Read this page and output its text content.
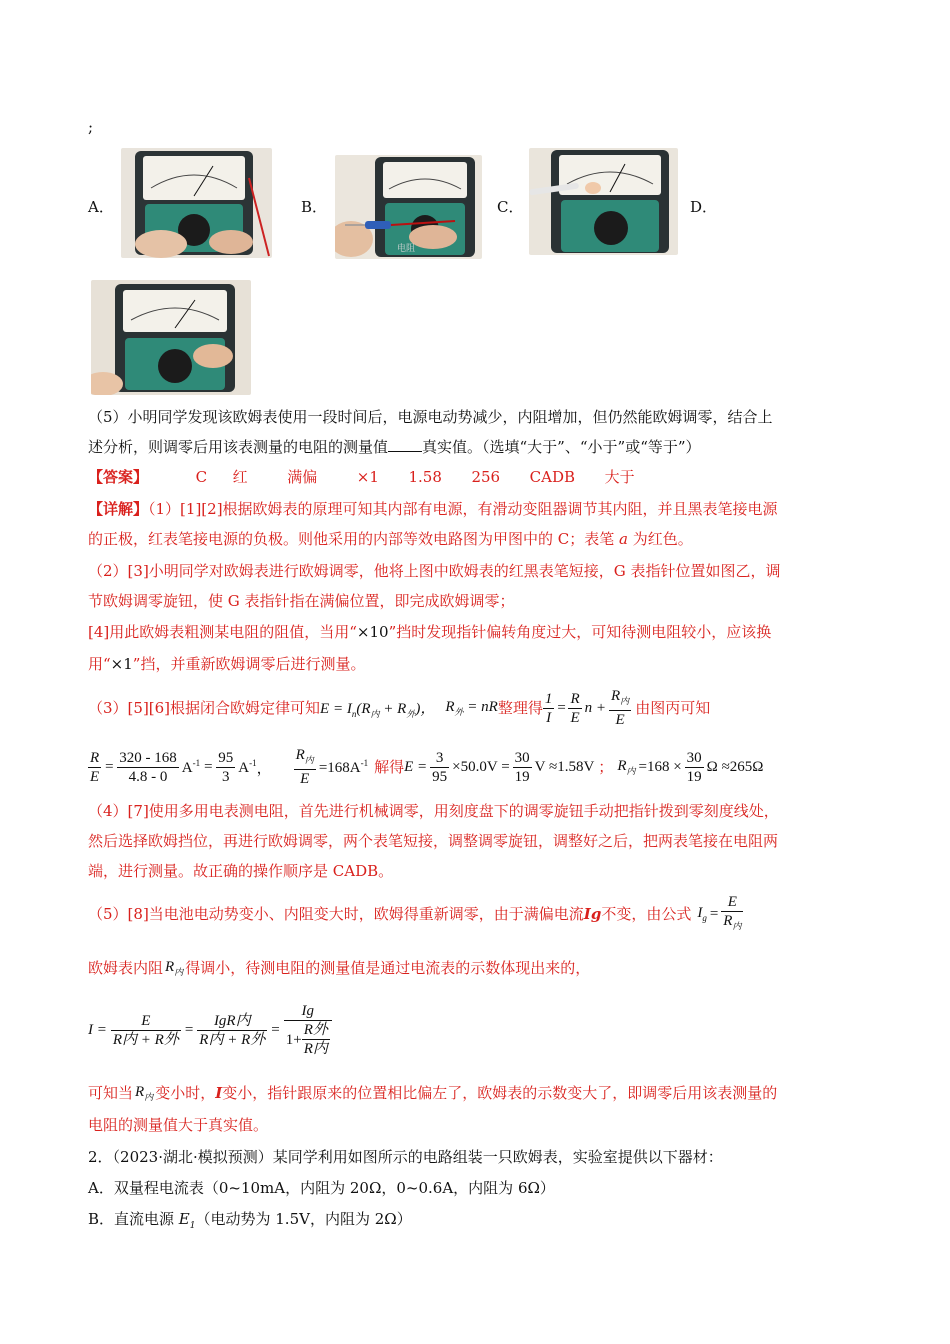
;
A．	B．
电阻
C．	D．
（5）小明同学发现该欧姆表使用一段时间后，电源电动势减少，内阻增加，但仍然能欧姆调零，结合上
述分析，则调零后用该表测量的电阻的测量值 真实值。（选填“大于”、“小于”或“等于”）
【答案】	C 红	满偏	×1 1.58 256 CADB 大于
【详解】（1）[1][2]根据欧姆表的原理可知其内部有电源，有滑动变阻器调节其内阻，并且黑表笔接电源
的正极，红表笔接电源的负极。则他采用的内部等效电路图为甲图中的 C；表笔 a 为红色。
（2）[3]小明同学对欧姆表进行欧姆调零，他将上图中欧姆表的红黑表笔短接，G 表指针位置如图乙，调
节欧姆调零旋钮，使 G 表指针指在满偏位置，即完成欧姆调零；
[4]用此欧姆表粗测某电阻的阻值，当用“×10”挡时发现指针偏转角度过大，可知待测电阻较小，应该换
用“×1”挡，并重新欧姆调零后进行测量。
（3）[5][6]根据闭合欧姆定律可知 $E = I_n(R_内 + R_外)$， $R_外$ = nR 整理得 $\frac{1}{I} = \frac{R}{E}$ $n + \frac{R_内}{E}$ 由图丙可知
$\frac{R}{E} = \frac{320 - 168}{4.8 - 0} A^{-1} = \frac{95}{3} A^{-1}$ ， $\frac{R_内}{E} =168A^{-1}$ 解得 $E = \frac{3}{95} \times 50.0V = \frac{30}{19}$ V ≈1.58V ； $R_内 =168 \times \frac{30}{19}$ Ω ≈265Ω
（4）[7]使用多用电表测电阻，首先进行机械调零，用刻度盘下的调零旋钮手动把指针拨到零刻度线处，
然后选择欧姆挡位，再进行欧姆调零，两个表笔短接，调整调零旋钮，调整好之后，把两表笔接在电阻两
端，进行测量。故正确的操作顺序是 CADB。
（5）[8]当电池电动势变小、内阻变大时，欧姆得重新调零，由于满偏电流 Ig 不变，由公式 $I_g = \frac{E}{R_内}$
欧姆表内阻 $R_内$ 得调小，待测电阻的测量值是通过电流表的示数体现出来的，
$I = \frac{E}{\text{R内 + R外}} = \frac{\text{IgR内}}{\text{R内 + R外}} = \frac{Ig}{1+ \frac{\text{R外}}{\text{R内}}}$
可知当 $R_内$ 变小时， I 变小，指针跟原来的位置相比偏左了，欧姆表的示数变大了，即调零后用该表测量的
电阻的测量值大于真实值。
2．（2023·湖北·模拟预测）某同学利用如图所示的电路组装一只欧姆表，实验室提供以下器材：
A．双量程电流表（0~10mA，内阻为 20Ω，0~0.6A，内阻为 6Ω）
B．直流电源 $E_1$（电动势为 1.5V，内阻为 2Ω）
